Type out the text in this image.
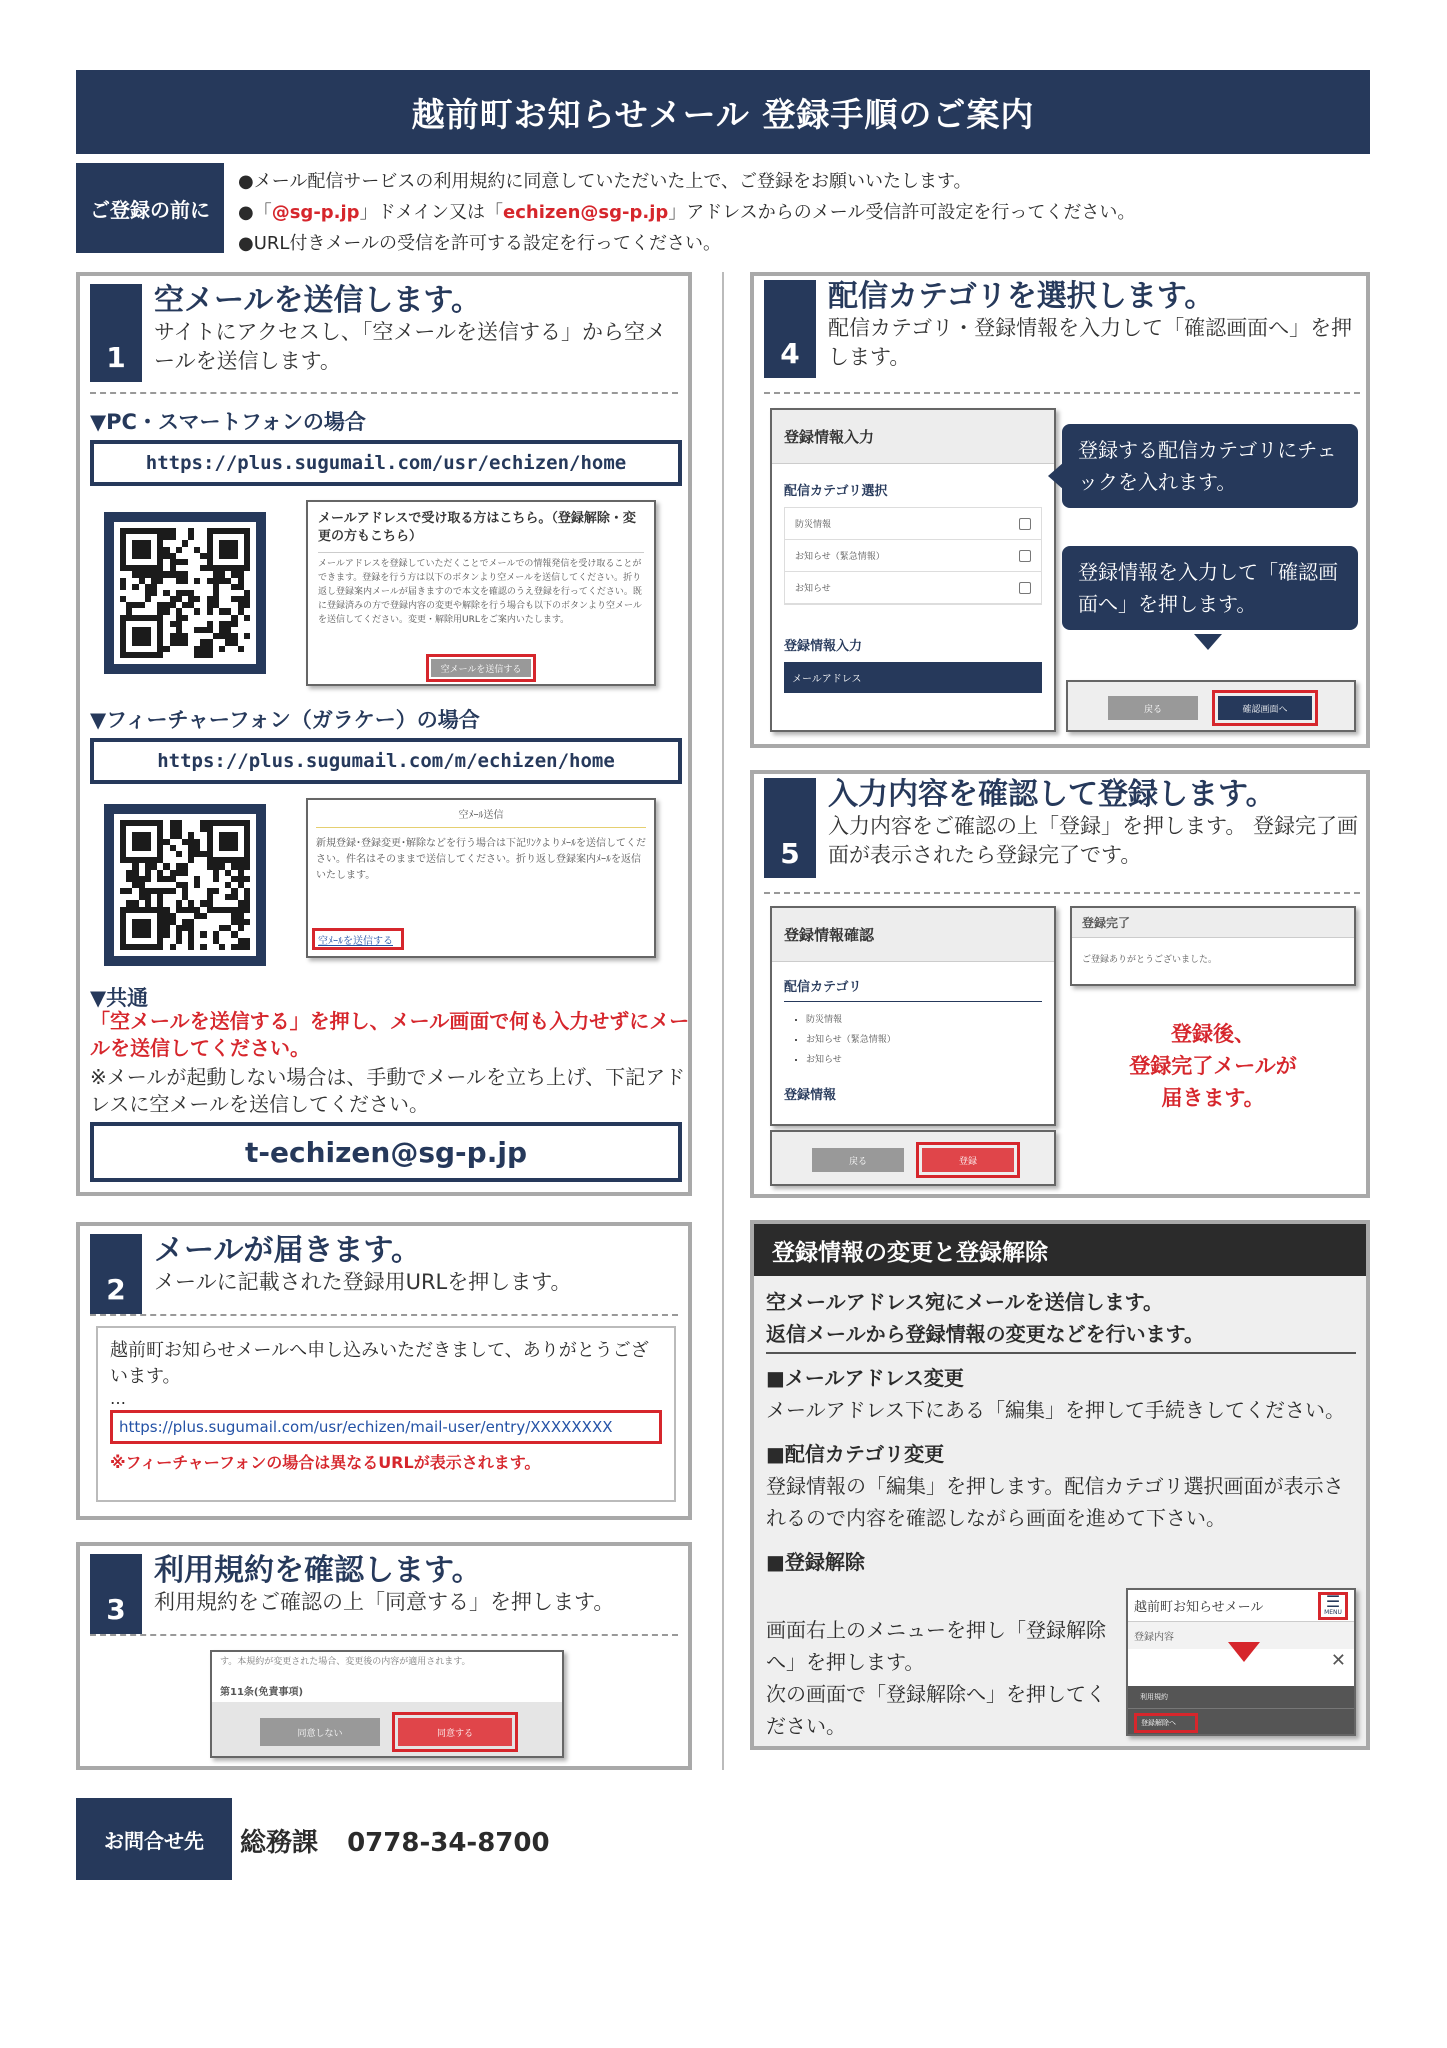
越前町お知らせメール 登録手順のご案内
ご登録の前に
●メール配信サービスの利用規約に同意していただいた上で、ご登録をお願いいたします。
●「@sg-p.jp」ドメイン又は「echizen@sg-p.jp」アドレスからのメール受信許可設定を行ってください。
●URL付きメールの受信を許可する設定を行ってください。
1
空メールを送信します。
サイトにアクセスし、「空メールを送信する」から空メールを送信します。
▼PC・スマートフォンの場合
https://plus.sugumail.com/usr/echizen/home
メールアドレスで受け取る方はこちら。（登録解除・変更の方もこちら）
メールアドレスを登録していただくことでメールでの情報発信を受け取ることができます。登録を行う方は以下のボタンより空メールを送信してください。折り返し登録案内メールが届きますので本文を確認のうえ登録を行ってください。既に登録済みの方で登録内容の変更や解除を行う場合も以下のボタンより空メールを送信してください。変更・解除用URLをご案内いたします。
空メールを送信する
▼フィーチャーフォン（ガラケー）の場合
https://plus.sugumail.com/m/echizen/home
空ﾒｰﾙ送信
新規登録･登録変更･解除などを行う場合は下記ﾘﾝｸよりﾒｰﾙを送信してください。件名はそのままで送信してください。折り返し登録案内ﾒｰﾙを返信いたします。
空ﾒｰﾙを送信する
▼共通
「空メールを送信する」を押し、メール画面で何も入力せずにメールを送信してください。
※メールが起動しない場合は、手動でメールを立ち上げ、下記アドレスに空メールを送信してください。
t-echizen@sg-p.jp
2
メールが届きます。
メールに記載された登録用URLを押します。
越前町お知らせメールへ申し込みいただきまして、ありがとうございます。
…
https://plus.sugumail.com/usr/echizen/mail-user/entry/XXXXXXXX
※フィーチャーフォンの場合は異なるURLが表示されます。
3
利用規約を確認します。
利用規約をご確認の上「同意する」を押します。
す。本規約が変更された場合、変更後の内容が適用されます。
第11条(免責事項)
同意しない	同意する
4
配信カテゴリを選択します。
配信カテゴリ・登録情報を入力して「確認画面へ」を押します。
登録情報入力
配信カテゴリ選択
防災情報
お知らせ（緊急情報）
お知らせ
登録情報入力
メールアドレス
登録する配信カテゴリにチェックを入れます。
登録情報を入力して「確認画面へ」を押します。
戻る	確認画面へ
5
入力内容を確認して登録します。
入力内容をご確認の上「登録」を押します。 登録完了画面が表示されたら登録完了です。
登録情報確認
配信カテゴリ
▪ 防災情報
▪ お知らせ（緊急情報）
▪ お知らせ
登録情報
戻る	登録
登録完了
ご登録ありがとうございました。
登録後、
登録完了メールが
届きます。
登録情報の変更と登録解除
空メールアドレス宛にメールを送信します。
返信メールから登録情報の変更などを行います。
■メールアドレス変更
メールアドレス下にある「編集」を押して手続きしてください。
■配信カテゴリ変更
登録情報の「編集」を押します。配信カテゴリ選択画面が表示されるので内容を確認しながら画面を進めて下さい。
■登録解除
画面右上のメニューを押し「登録解除へ」を押します。
次の画面で「登録解除へ」を押してください。
越前町お知らせメール	☰
MENU
登録内容
✕
利用規約
登録解除へ
お問合せ先	総務課 0778-34-8700
